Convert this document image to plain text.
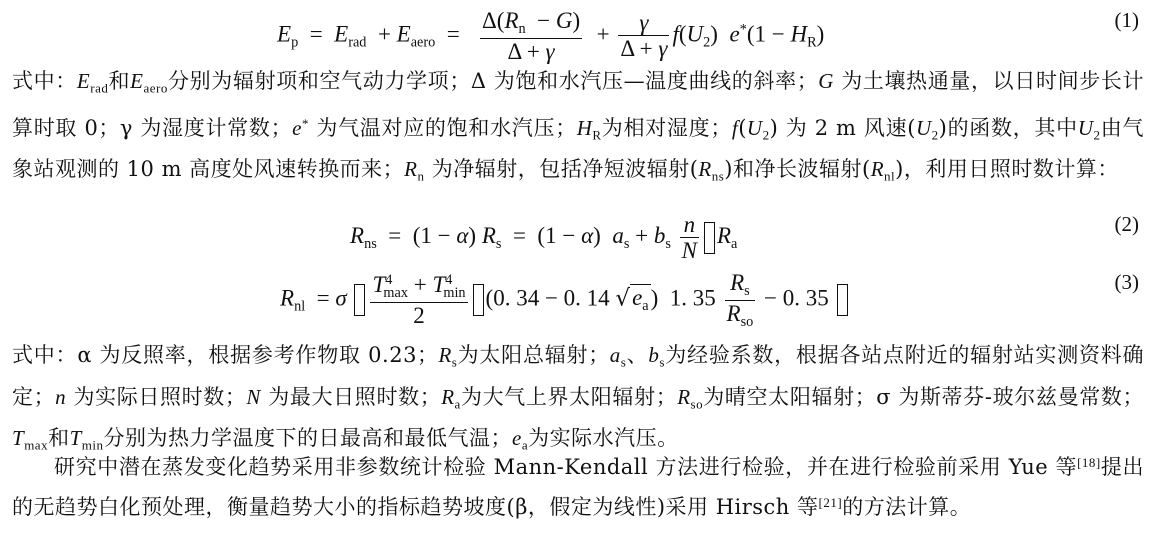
$E_p = E_{rad} + E_{aero} = \frac{\Delta(R_n - G)}{\Delta + \gamma} + \frac{\gamma}{\Delta + \gamma} f(U_2) e^*(1 - H_R)$
(1)

式中：$E_{rad}$和$E_{aero}$分别为辐射项和空气动力学项；Δ 为饱和水汽压—温度曲线的斜率；G 为土壤热通量，以日时间步长计算时取 0；γ 为湿度计常数；e* 为气温对应的饱和水汽压；$H_R$为相对湿度；$f(U_2)$ 为 2 m 风速$(U_2)$的函数，其中$U_2$由气象站观测的 10 m 高度处风速转换而来；$R_n$ 为净辐射，包括净短波辐射$(R_{ns})$和净长波辐射$(R_{nl})$，利用日照时数计算：

$R_{ns} = (1 - \alpha) R_s = (1 - \alpha) a_s + b_s \frac{n}{N} R_a$
(2)
$R_{nl} = \sigma \frac{T^4_{max} + T^4_{min}}{2} (0$. 34 − 0. 14 $√e_a$)  1. $35 \frac{R_s}{R_{so}} - 0$. 35
(3)

式中：α 为反照率，根据参考作物取 0.23；$R_s$为太阳总辐射；$a_s$、$b_s$为经验系数，根据各站点附近的辐射站实测资料确定；n 为实际日照时数；N 为最大日照时数；$R_a$为大气上界太阳辐射；$R_{so}$为晴空太阳辐射；σ 为斯蒂芬-玻尔兹曼常数；$T_{max}$和$T_{min}$分别为热力学温度下的日最高和最低气温；$e_a$为实际水汽压。

研究中潜在蒸发变化趋势采用非参数统计检验 Mann-Kendall 方法进行检验，并在进行检验前采用 Yue 等[18]提出的无趋势白化预处理，衡量趋势大小的指标趋势坡度(β，假定为线性)采用 Hirsch 等[21]的方法计算。
